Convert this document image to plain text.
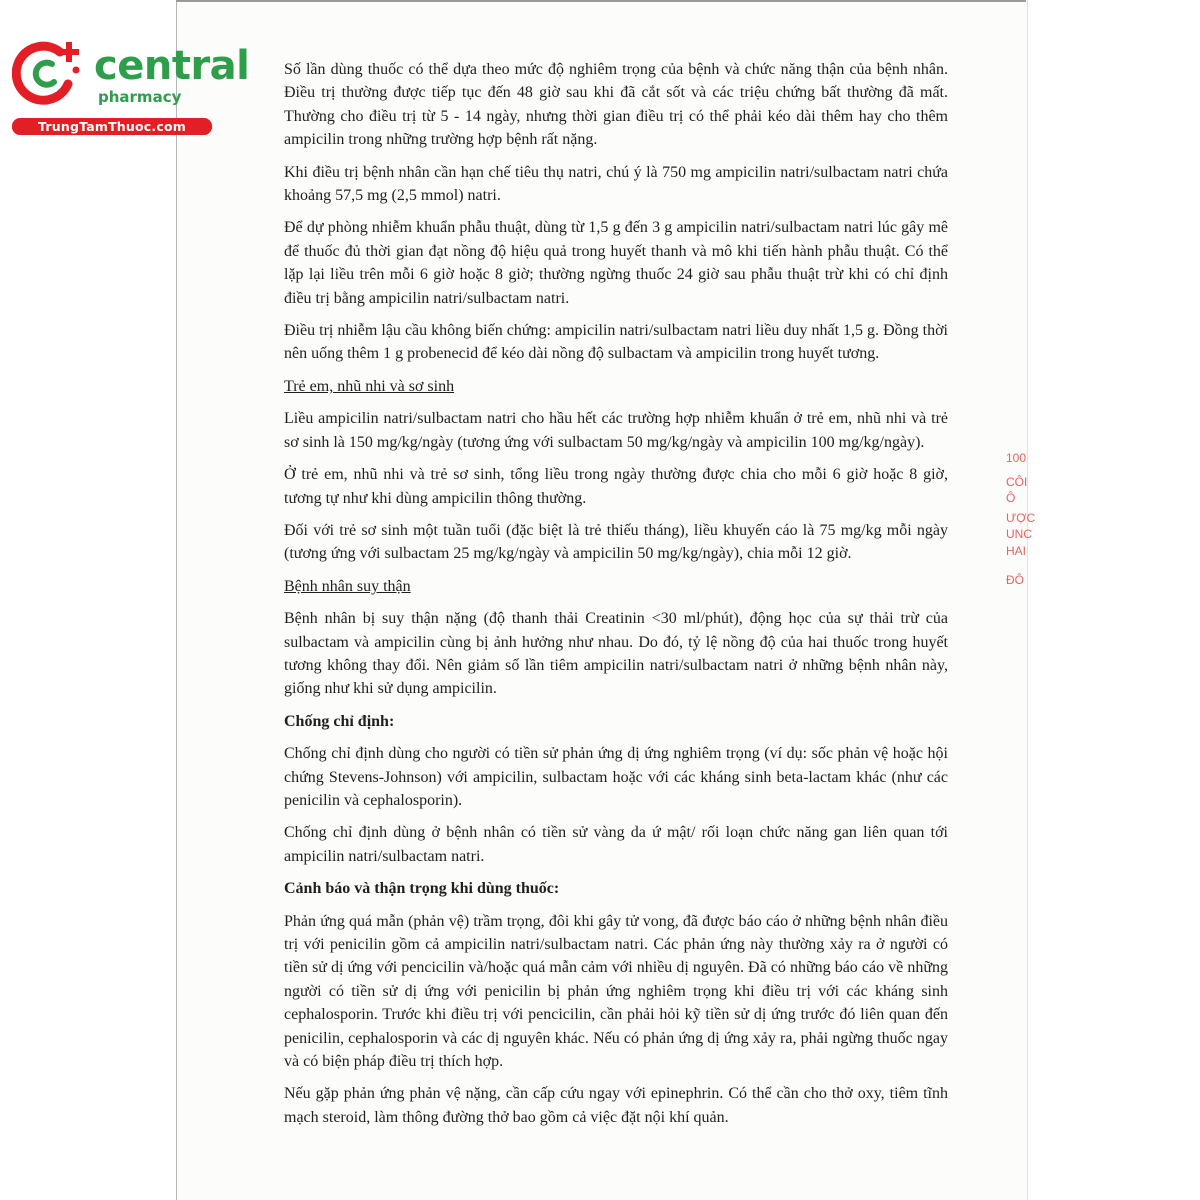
central
pharmacy
TrungTamThuoc.com

Số lần dùng thuốc có thể dựa theo mức độ nghiêm trọng của bệnh và chức năng thận của bệnh nhân. Điều trị thường được tiếp tục đến 48 giờ sau khi đã cắt sốt và các triệu chứng bất thường đã mất. Thường cho điều trị từ 5 - 14 ngày, nhưng thời gian điều trị có thể phải kéo dài thêm hay cho thêm ampicilin trong những trường hợp bệnh rất nặng.

Khi điều trị bệnh nhân cần hạn chế tiêu thụ natri, chú ý là 750 mg ampicilin natri/sulbactam natri chứa khoảng 57,5 mg (2,5 mmol) natri.

Để dự phòng nhiễm khuẩn phẫu thuật, dùng từ 1,5 g đến 3 g ampicilin natri/sulbactam natri lúc gây mê để thuốc đủ thời gian đạt nồng độ hiệu quả trong huyết thanh và mô khi tiến hành phẫu thuật. Có thể lặp lại liều trên mỗi 6 giờ hoặc 8 giờ; thường ngừng thuốc 24 giờ sau phẫu thuật trừ khi có chỉ định điều trị bằng ampicilin natri/sulbactam natri.

Điều trị nhiễm lậu cầu không biến chứng: ampicilin natri/sulbactam natri liều duy nhất 1,5 g. Đồng thời nên uống thêm 1 g probenecid để kéo dài nồng độ sulbactam và ampicilin trong huyết tương.

Trẻ em, nhũ nhi và sơ sinh

Liều ampicilin natri/sulbactam natri cho hầu hết các trường hợp nhiễm khuẩn ở trẻ em, nhũ nhi và trẻ sơ sinh là 150 mg/kg/ngày (tương ứng với sulbactam 50 mg/kg/ngày và ampicilin 100 mg/kg/ngày).

Ở trẻ em, nhũ nhi và trẻ sơ sinh, tổng liều trong ngày thường được chia cho mỗi 6 giờ hoặc 8 giờ, tương tự như khi dùng ampicilin thông thường.

Đối với trẻ sơ sinh một tuần tuổi (đặc biệt là trẻ thiếu tháng), liều khuyến cáo là 75 mg/kg mỗi ngày (tương ứng với sulbactam 25 mg/kg/ngày và ampicilin 50 mg/kg/ngày), chia mỗi 12 giờ.

Bệnh nhân suy thận

Bệnh nhân bị suy thận nặng (độ thanh thải Creatinin <30 ml/phút), động học của sự thải trừ của sulbactam và ampicilin cùng bị ảnh hưởng như nhau. Do đó, tỷ lệ nồng độ của hai thuốc trong huyết tương không thay đổi. Nên giảm số lần tiêm ampicilin natri/sulbactam natri ở những bệnh nhân này, giống như khi sử dụng ampicilin.

Chống chỉ định:

Chống chỉ định dùng cho người có tiền sử phản ứng dị ứng nghiêm trọng (ví dụ: sốc phản vệ hoặc hội chứng Stevens-Johnson) với ampicilin, sulbactam hoặc với các kháng sinh beta-lactam khác (như các penicilin và cephalosporin).

Chống chỉ định dùng ở bệnh nhân có tiền sử vàng da ứ mật/ rối loạn chức năng gan liên quan tới ampicilin natri/sulbactam natri.

Cảnh báo và thận trọng khi dùng thuốc:

Phản ứng quá mẫn (phản vệ) trầm trọng, đôi khi gây tử vong, đã được báo cáo ở những bệnh nhân điều trị với penicilin gồm cả ampicilin natri/sulbactam natri. Các phản ứng này thường xảy ra ở người có tiền sử dị ứng với pencicilin và/hoặc quá mẫn cảm với nhiều dị nguyên. Đã có những báo cáo về những người có tiền sử dị ứng với penicilin bị phản ứng nghiêm trọng khi điều trị với các kháng sinh cephalosporin. Trước khi điều trị với pencicilin, cần phải hỏi kỹ tiền sử dị ứng trước đó liên quan đến penicilin, cephalosporin và các dị nguyên khác. Nếu có phản ứng dị ứng xảy ra, phải ngừng thuốc ngay và có biện pháp điều trị thích hợp.

Nếu gặp phản ứng phản vệ nặng, cần cấp cứu ngay với epinephrin. Có thể cần cho thở oxy, tiêm tĩnh mạch steroid, làm thông đường thở bao gồm cả việc đặt nội khí quản.

100
CÔI
Ô
ƯỢC
UNC
HAI
ĐÔ
